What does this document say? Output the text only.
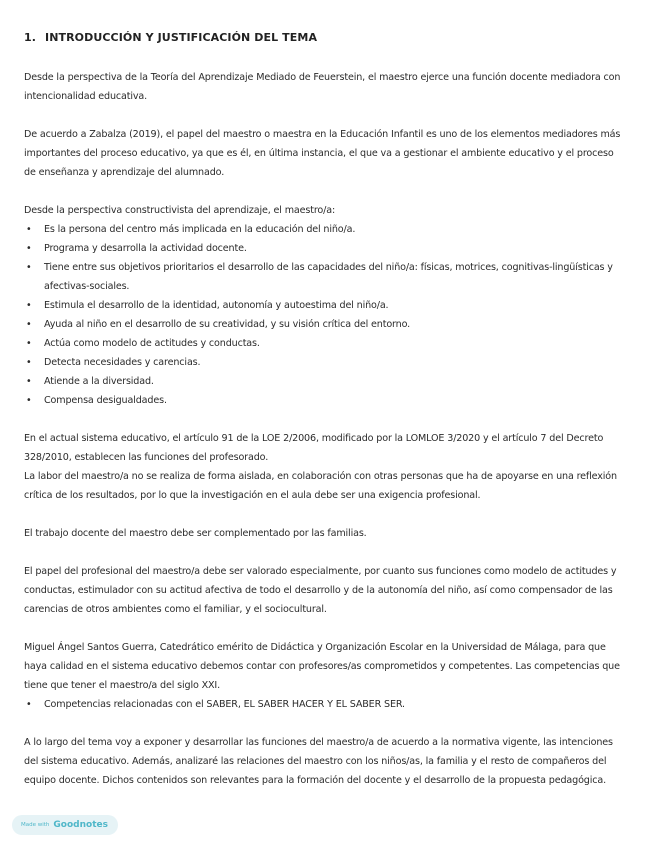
1. INTRODUCCIÓN Y JUSTIFICACIÓN DEL TEMA

Desde la perspectiva de la Teoría del Aprendizaje Mediado de Feuerstein, el maestro ejerce una función docente mediadora con intencionalidad educativa.

De acuerdo a Zabalza (2019), el papel del maestro o maestra en la Educación Infantil es uno de los elementos mediadores más importantes del proceso educativo, ya que es él, en última instancia, el que va a gestionar el ambiente educativo y el proceso de enseñanza y aprendizaje del alumnado.

Desde la perspectiva constructivista del aprendizaje, el maestro/a:

• Es la persona del centro más implicada en la educación del niño/a.
• Programa y desarrolla la actividad docente.
• Tiene entre sus objetivos prioritarios el desarrollo de las capacidades del niño/a: físicas, motrices, cognitivas-lingüísticas y afectivas-sociales.
• Estimula el desarrollo de la identidad, autonomía y autoestima del niño/a.
• Ayuda al niño en el desarrollo de su creatividad, y su visión crítica del entorno.
• Actúa como modelo de actitudes y conductas.
• Detecta necesidades y carencias.
• Atiende a la diversidad.
• Compensa desigualdades.

En el actual sistema educativo, el artículo 91 de la LOE 2/2006, modificado por la LOMLOE 3/2020 y el artículo 7 del Decreto 328/2010, establecen las funciones del profesorado.

La labor del maestro/a no se realiza de forma aislada, en colaboración con otras personas que ha de apoyarse en una reflexión crítica de los resultados, por lo que la investigación en el aula debe ser una exigencia profesional.

El trabajo docente del maestro debe ser complementado por las familias.

El papel del profesional del maestro/a debe ser valorado especialmente, por cuanto sus funciones como modelo de actitudes y conductas, estimulador con su actitud afectiva de todo el desarrollo y de la autonomía del niño, así como compensador de las carencias de otros ambientes como el familiar, y el sociocultural.

Miguel Ángel Santos Guerra, Catedrático emérito de Didáctica y Organización Escolar en la Universidad de Málaga, para que haya calidad en el sistema educativo debemos contar con profesores/as comprometidos y competentes. Las competencias que tiene que tener el maestro/a del siglo XXI.

• Competencias relacionadas con el SABER, EL SABER HACER Y EL SABER SER.

A lo largo del tema voy a exponer y desarrollar las funciones del maestro/a de acuerdo a la normativa vigente, las intenciones del sistema educativo. Además, analizaré las relaciones del maestro con los niños/as, la familia y el resto de compañeros del equipo docente. Dichos contenidos son relevantes para la formación del docente y el desarrollo de la propuesta pedagógica.

Made with Goodnotes
